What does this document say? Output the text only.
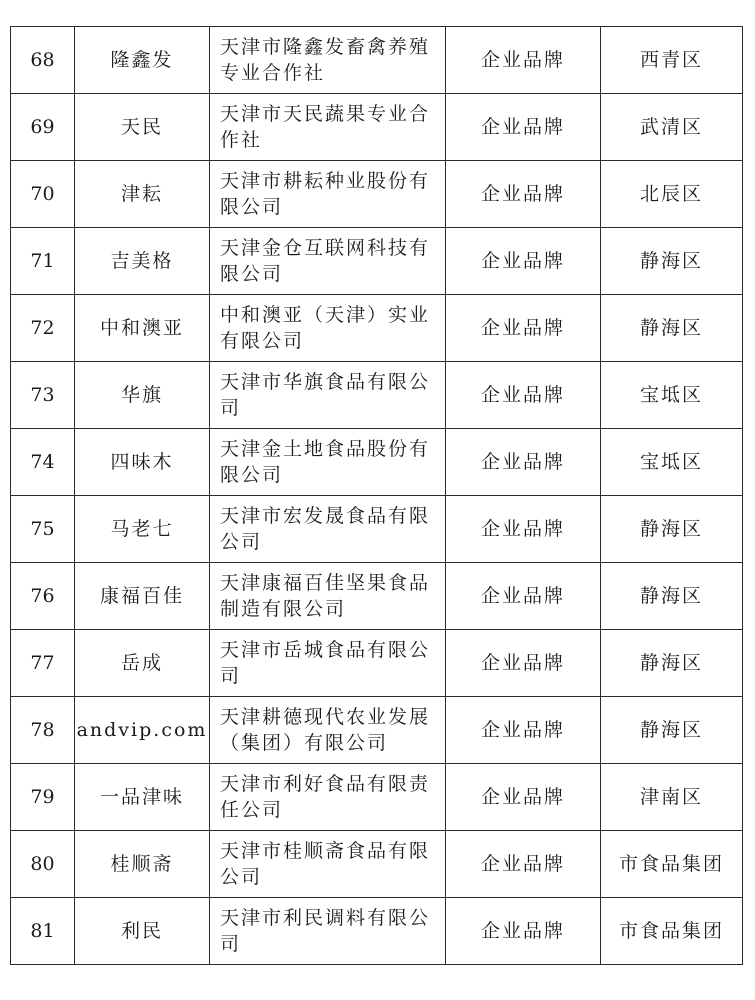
68	隆鑫发	天津市隆鑫发畜禽养殖专业合作社	企业品牌	西青区
69	天民	天津市天民蔬果专业合作社	企业品牌	武清区
70	津耘	天津市耕耘种业股份有限公司	企业品牌	北辰区
71	吉美格	天津金仓互联网科技有限公司	企业品牌	静海区
72	中和澳亚	中和澳亚（天津）实业有限公司	企业品牌	静海区
73	华旗	天津市华旗食品有限公司	企业品牌	宝坻区
74	四味木	天津金土地食品股份有限公司	企业品牌	宝坻区
75	马老七	天津市宏发晟食品有限公司	企业品牌	静海区
76	康福百佳	天津康福百佳坚果食品制造有限公司	企业品牌	静海区
77	岳成	天津市岳城食品有限公司	企业品牌	静海区
78	andvip.com	天津耕德现代农业发展（集团）有限公司	企业品牌	静海区
79	一品津味	天津市利好食品有限责任公司	企业品牌	津南区
80	桂顺斋	天津市桂顺斋食品有限公司	企业品牌	市食品集团
81	利民	天津市利民调料有限公司	企业品牌	市食品集团
